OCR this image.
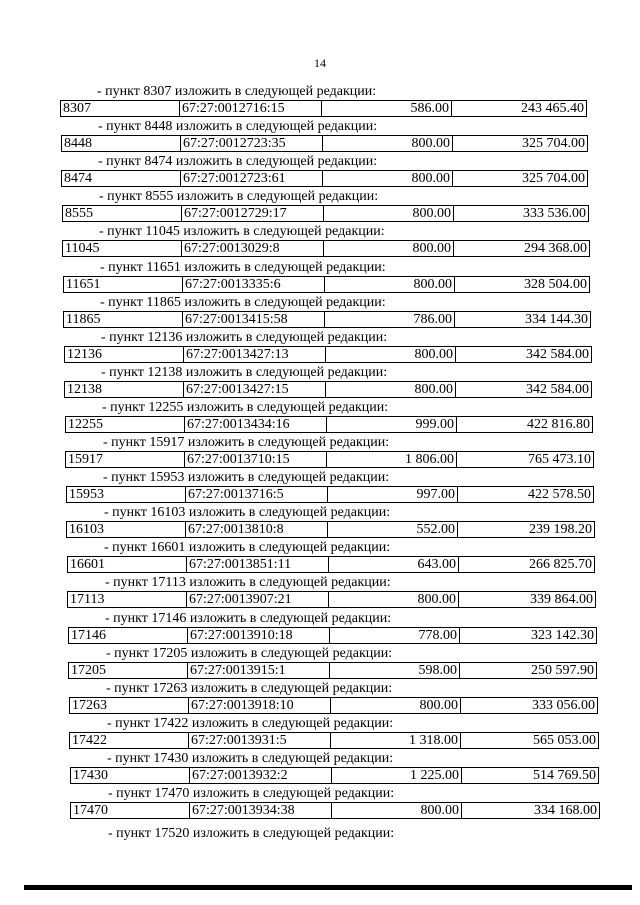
14
- пункт 8307 изложить в следующей редакции:
8307	67:27:0012716:15	586.00	243 465.40
- пункт 8448 изложить в следующей редакции:
8448	67:27:0012723:35	800.00	325 704.00
- пункт 8474 изложить в следующей редакции:
8474	67:27:0012723:61	800.00	325 704.00
- пункт 8555 изложить в следующей редакции:
8555	67:27:0012729:17	800.00	333 536.00
- пункт 11045 изложить в следующей редакции:
11045	67:27:0013029:8	800.00	294 368.00
- пункт 11651 изложить в следующей редакции:
11651	67:27:0013335:6	800.00	328 504.00
- пункт 11865 изложить в следующей редакции:
11865	67:27:0013415:58	786.00	334 144.30
- пункт 12136 изложить в следующей редакции:
12136	67:27:0013427:13	800.00	342 584.00
- пункт 12138 изложить в следующей редакции:
12138	67:27:0013427:15	800.00	342 584.00
- пункт 12255 изложить в следующей редакции:
12255	67:27:0013434:16	999.00	422 816.80
- пункт 15917 изложить в следующей редакции:
15917	67:27:0013710:15	1 806.00	765 473.10
- пункт 15953 изложить в следующей редакции:
15953	67:27:0013716:5	997.00	422 578.50
- пункт 16103 изложить в следующей редакции:
16103	67:27:0013810:8	552.00	239 198.20
- пункт 16601 изложить в следующей редакции:
16601	67:27:0013851:11	643.00	266 825.70
- пункт 17113 изложить в следующей редакции:
17113	67:27:0013907:21	800.00	339 864.00
- пункт 17146 изложить в следующей редакции:
17146	67:27:0013910:18	778.00	323 142.30
- пункт 17205 изложить в следующей редакции:
17205	67:27:0013915:1	598.00	250 597.90
- пункт 17263 изложить в следующей редакции:
17263	67:27:0013918:10	800.00	333 056.00
- пункт 17422 изложить в следующей редакции:
17422	67:27:0013931:5	1 318.00	565 053.00
- пункт 17430 изложить в следующей редакции:
17430	67:27:0013932:2	1 225.00	514 769.50
- пункт 17470 изложить в следующей редакции:
17470	67:27:0013934:38	800.00	334 168.00
- пункт 17520 изложить в следующей редакции:
